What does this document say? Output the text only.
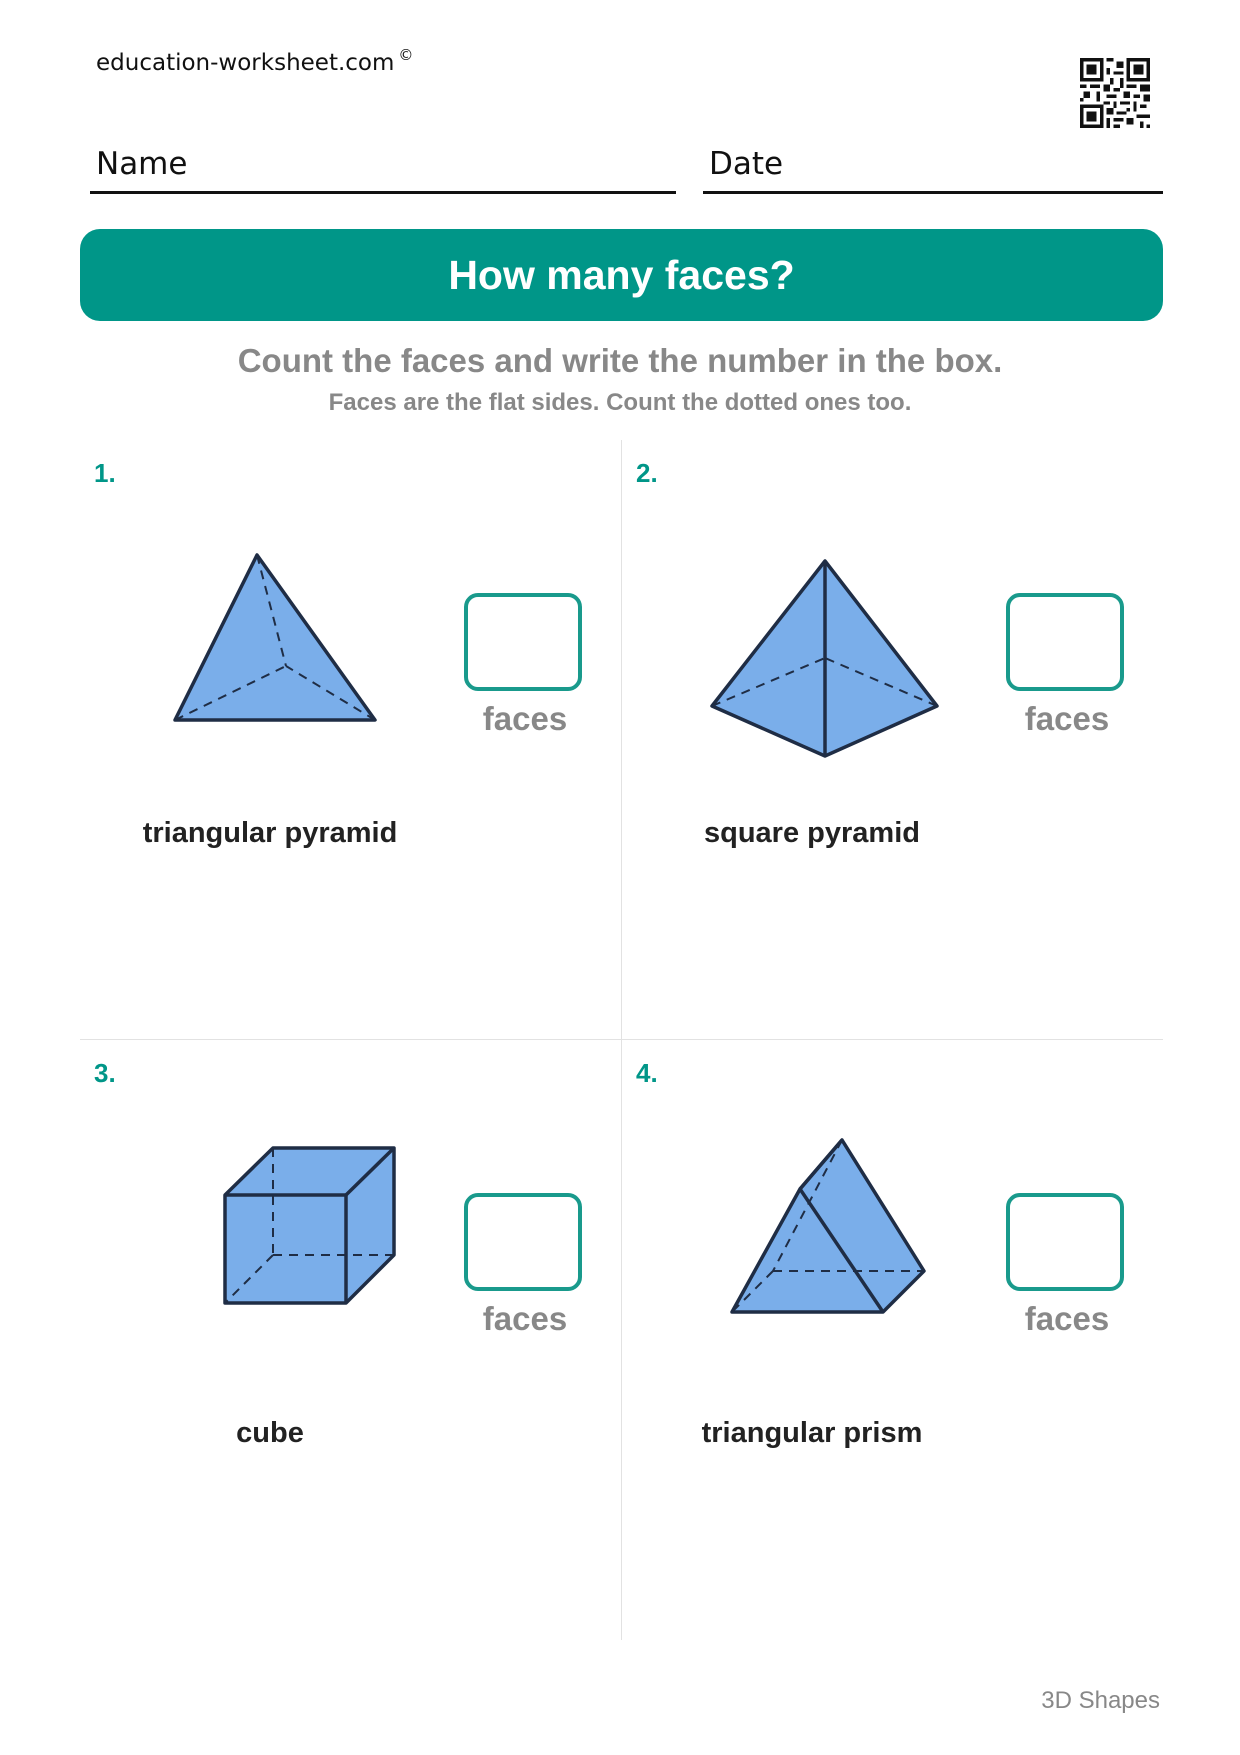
education-worksheet.com ©
Name	Date
How many faces?
Count the faces and write the number in the box.
Faces are the flat sides. Count the dotted ones too.
1.
faces
triangular pyramid
2.
faces
square pyramid
3.
faces
cube
4.
faces
triangular prism
3D Shapes
